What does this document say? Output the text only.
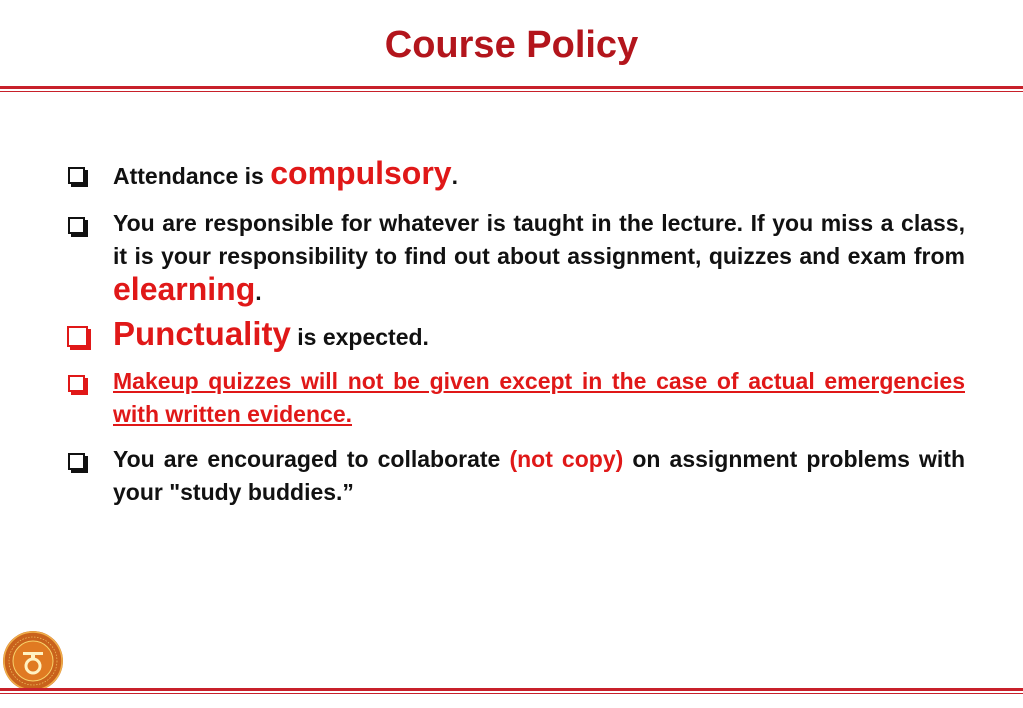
Course Policy
Attendance is compulsory.
You are responsible for whatever is taught in the lecture. If you miss a class, it is your responsibility to find out about assignment, quizzes and exam from elearning.
Punctuality is expected.
Makeup quizzes will not be given except in the case of actual emergencies with written evidence.
You are encouraged to collaborate (not copy) on assignment problems with your "study buddies.”
